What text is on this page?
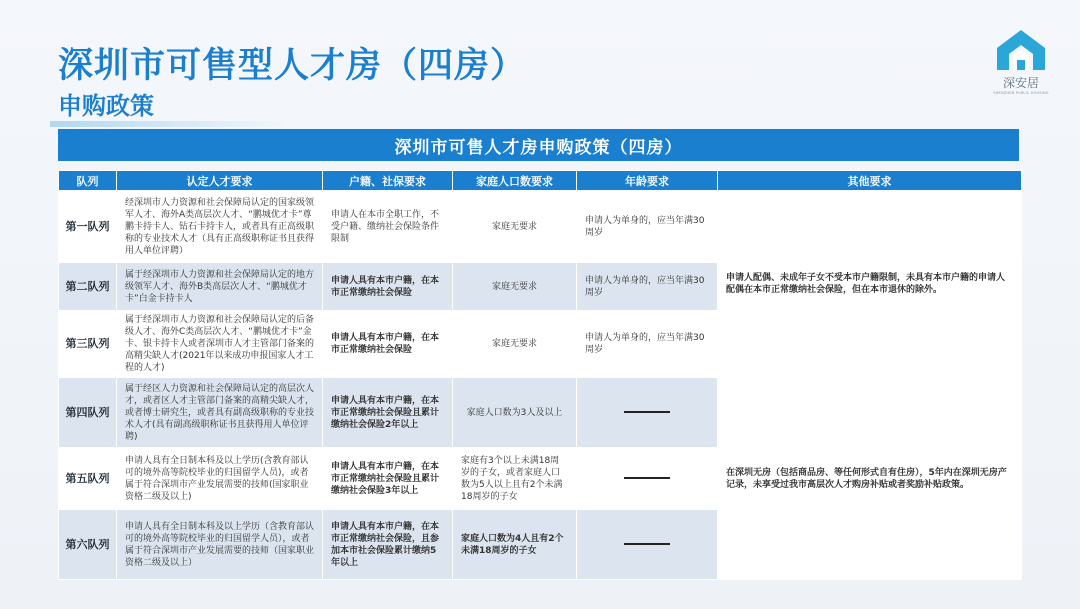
深圳市可售型人才房（四房）
申购政策
深安居
SHENZHEN PUBLIC HOUSING
深圳市可售人才房申购政策（四房）
队列	认定人才要求	户籍、社保要求	家庭人口数要求	年龄要求	其他要求
第一队列	经深圳市人力资源和社会保障局认定的国家级领军人才、海外A类高层次人才、“鹏城优才卡”尊鹏卡持卡人、钻石卡持卡人，或者具有正高级职称的专业技术人才（具有正高级职称证书且获得用人单位评聘）	申请人在本市全职工作，不受户籍、缴纳社会保险条件限制	家庭无要求	申请人为单身的，应当年满30周岁	申请人配偶、未成年子女不受本市户籍限制，未具有本市户籍的申请人配偶在本市正常缴纳社会保险，但在本市退休的除外。
第二队列	属于经深圳市人力资源和社会保障局认定的地方级领军人才、海外B类高层次人才、“鹏城优才卡”白金卡持卡人	申请人具有本市户籍，在本市正常缴纳社会保险	家庭无要求	申请人为单身的，应当年满30周岁	
第三队列	属于经深圳市人力资源和社会保障局认定的后备级人才、海外C类高层次人才、“鹏城优才卡”金卡、银卡持卡人或者深圳市人才主管部门备案的高精尖缺人才(2021年以来成功申报国家人才工程的人才)	申请人具有本市户籍，在本市正常缴纳社会保险	家庭无要求	申请人为单身的，应当年满30周岁	
第四队列	属于经区人力资源和社会保障局认定的高层次人才，或者区人才主管部门备案的高精尖缺人才，或者博士研究生，或者具有副高级职称的专业技术人才(具有副高级职称证书且获得用人单位评聘)	申请人具有本市户籍，在本市正常缴纳社会保险且累计缴纳社会保险2年以上	家庭人口数为3人及以上		在深圳无房（包括商品房、等任何形式自有住房），5年内在深圳无房产记录，未享受过我市高层次人才购房补贴或者奖励补贴政策。
第五队列	申请人具有全日制本科及以上学历(含教育部认可的境外高等院校毕业的归国留学人员)，或者属于符合深圳市产业发展需要的技师(国家职业资格二级及以上)	申请人具有本市户籍，在本市正常缴纳社会保险且累计缴纳社会保险3年以上	家庭有3个以上未满18周岁的子女，或者家庭人口数为5人以上且有2个未满18周岁的子女		
第六队列	申请人具有全日制本科及以上学历（含教育部认可的境外高等院校毕业的归国留学人员），或者属于符合深圳市产业发展需要的技师（国家职业资格二级及以上）	申请人具有本市户籍，在本市正常缴纳社会保险，且参加本市社会保险累计缴纳5年以上	家庭人口数为4人且有2个未满18周岁的子女		
